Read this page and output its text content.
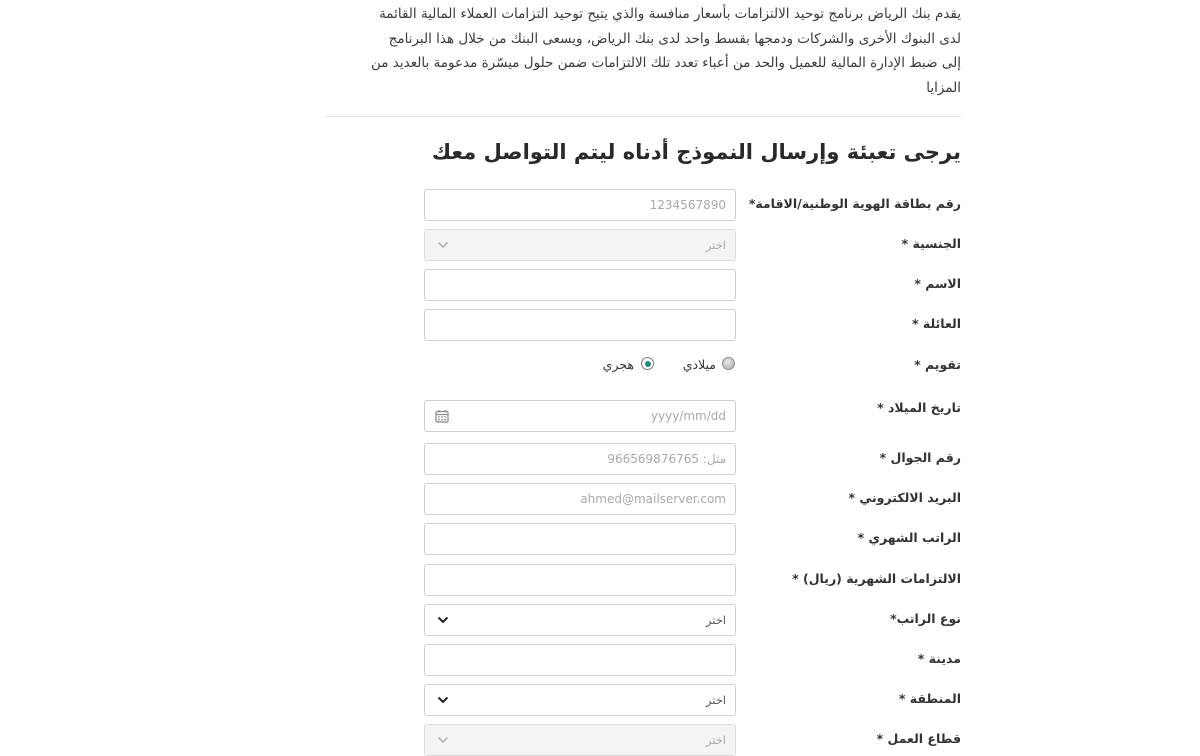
يقدم بنك الرياض برنامج توحيد الالتزامات بأسعار منافسة والذي يتيح توحيد التزامات العملاء المالية القائمة
لدى البنوك الأخرى والشركات ودمجها بقسط واحد لدى بنك الرياض، ويسعى البنك من خلال هذا البرنامج
إلى ضبط الإدارة المالية للعميل والحد من أعباء تعدد تلك الالتزامات ضمن حلول ميسّرة مدعومة بالعديد من
المزايا
يرجى تعبئة وإرسال النموذج أدناه ليتم التواصل معك
رقم بطاقة الهوية الوطنية/الاقامة*
1234567890
الجنسية *
اختر
الاسم *
العائلة *
تقويم *
ميلادي
هجري
تاريخ الميلاد *
yyyy/mm/dd
رقم الجوال *
مثل: 966569876765
البريد الالكتروني *
ahmed@mailserver.com
الراتب الشهري *
الالتزامات الشهرية (ريال) *
نوع الراتب*
اختر
مدينة *
المنطقة *
اختر
قطاع العمل *
اختر
